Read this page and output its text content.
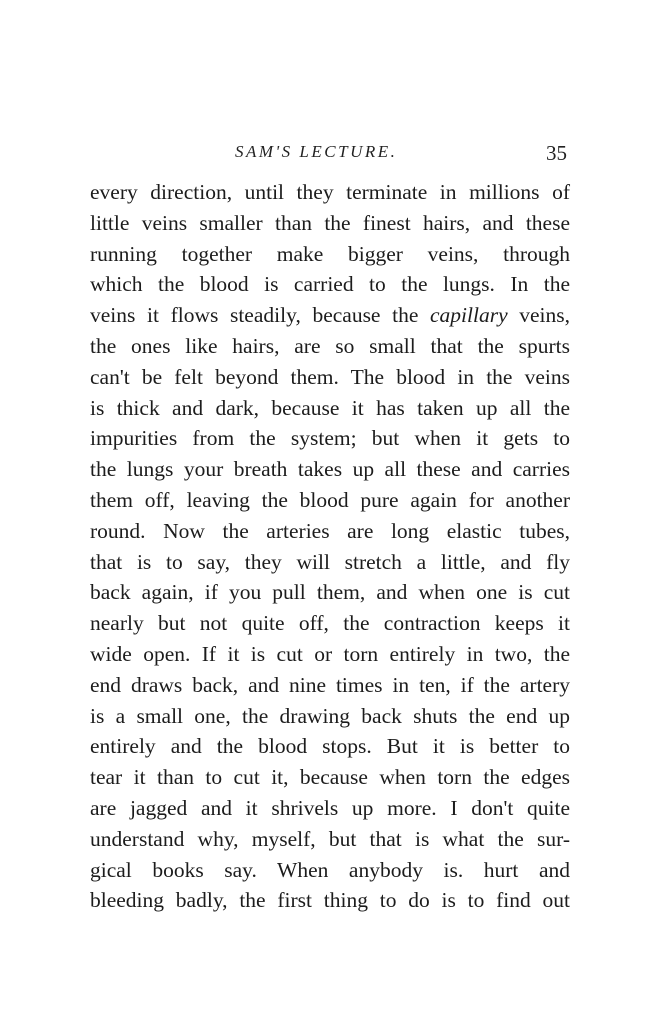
SAM'S LECTURE.	35
every direction, until they terminate in millions of
little veins smaller than the finest hairs, and these
running together make bigger veins, through
which the blood is carried to the lungs. In the
veins it flows steadily, because the capillary veins,
the ones like hairs, are so small that the spurts
can't be felt beyond them. The blood in the veins
is thick and dark, because it has taken up all the
impurities from the system; but when it gets to
the lungs your breath takes up all these and carries
them off, leaving the blood pure again for another
round. Now the arteries are long elastic tubes,
that is to say, they will stretch a little, and fly
back again, if you pull them, and when one is cut
nearly but not quite off, the contraction keeps it
wide open. If it is cut or torn entirely in two, the
end draws back, and nine times in ten, if the artery
is a small one, the drawing back shuts the end up
entirely and the blood stops. But it is better to
tear it than to cut it, because when torn the edges
are jagged and it shrivels up more. I don't quite
understand why, myself, but that is what the sur-
gical books say. When anybody is. hurt and
bleeding badly, the first thing to do is to find out
